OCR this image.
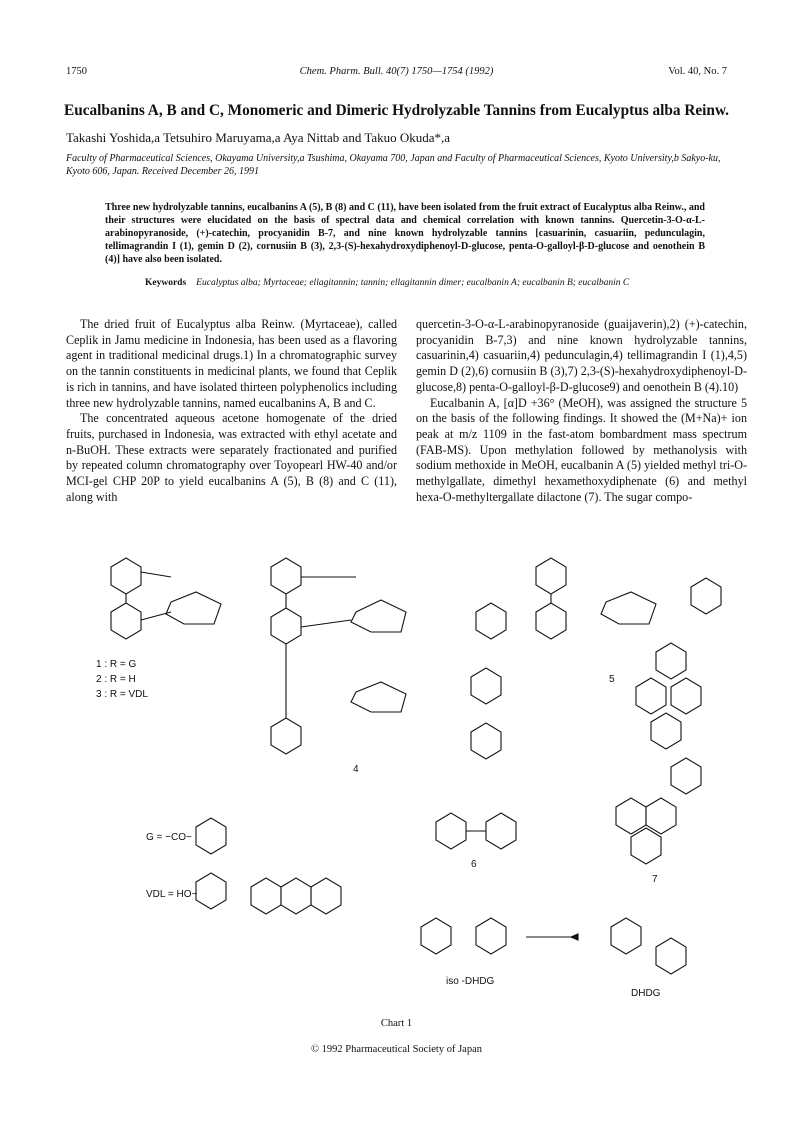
1750	Chem. Pharm. Bull. 40(7) 1750—1754 (1992)	Vol. 40, No. 7
Eucalbanins A, B and C, Monomeric and Dimeric Hydrolyzable Tannins from Eucalyptus alba Reinw.
Takashi Yoshida,a Tetsuhiro Maruyama,a Aya Nittab and Takuo Okuda*,a
Faculty of Pharmaceutical Sciences, Okayama University,a Tsushima, Okayama 700, Japan and Faculty of Pharmaceutical Sciences, Kyoto University,b Sakyo-ku, Kyoto 606, Japan. Received December 26, 1991
Three new hydrolyzable tannins, eucalbanins A (5), B (8) and C (11), have been isolated from the fruit extract of Eucalyptus alba Reinw., and their structures were elucidated on the basis of spectral data and chemical correlation with known tannins. Quercetin-3-O-α-L-arabinopyranoside, (+)-catechin, procyanidin B-7, and nine known hydrolyzable tannins [casuarinin, casuariin, pedunculagin, tellimagrandin I (1), gemin D (2), cornusiin B (3), 2,3-(S)-hexahydroxydiphenoyl-D-glucose, penta-O-galloyl-β-D-glucose and oenothein B (4)] have also been isolated.
Keywords Eucalyptus alba; Myrtaceae; ellagitannin; tannin; ellagitannin dimer; eucalbanin A; eucalbanin B; eucalbanin C

The dried fruit of Eucalyptus alba Reinw. (Myrtaceae), called Ceplik in Jamu medicine in Indonesia, has been used as a flavoring agent in traditional medicinal drugs.1) In a chromatographic survey on the tannin constituents in medicinal plants, we found that Ceplik is rich in tannins, and have isolated thirteen polyphenolics including three new hydrolyzable tannins, named eucalbanins A, B and C.

The concentrated aqueous acetone homogenate of the dried fruits, purchased in Indonesia, was extracted with ethyl acetate and n-BuOH. These extracts were separately fractionated and purified by repeated column chromatography over Toyopearl HW-40 and/or MCI-gel CHP 20P to yield eucalbanins A (5), B (8) and C (11), along with

quercetin-3-O-α-L-arabinopyranoside (guaijaverin),2) (+)-catechin, procyanidin B-7,3) and nine known hydrolyzable tannins, casuarinin,4) casuariin,4) pedunculagin,4) tellimagrandin I (1),4,5) gemin D (2),6) cornusiin B (3),7) 2,3-(S)-hexahydroxydiphenoyl-D-glucose,8) penta-O-galloyl-β-D-glucose9) and oenothein B (4).10)

Eucalbanin A, [α]D +36° (MeOH), was assigned the structure 5 on the basis of the following findings. It showed the (M+Na)+ ion peak at m/z 1109 in the fast-atom bombardment mass spectrum (FAB-MS). Upon methylation followed by methanolysis with sodium methoxide in MeOH, eucalbanin A (5) yielded methyl tri-O-methylgallate, dimethyl hexamethoxydiphenate (6) and methyl hexa-O-methyltergallate dilactone (7). The sugar compo-

1 : R = G
2 : R = H
3 : R = VDL
4
5
6
7
G = −CO−
VDL = HO−
iso -DHDG
DHDG
Chart 1
© 1992 Pharmaceutical Society of Japan
